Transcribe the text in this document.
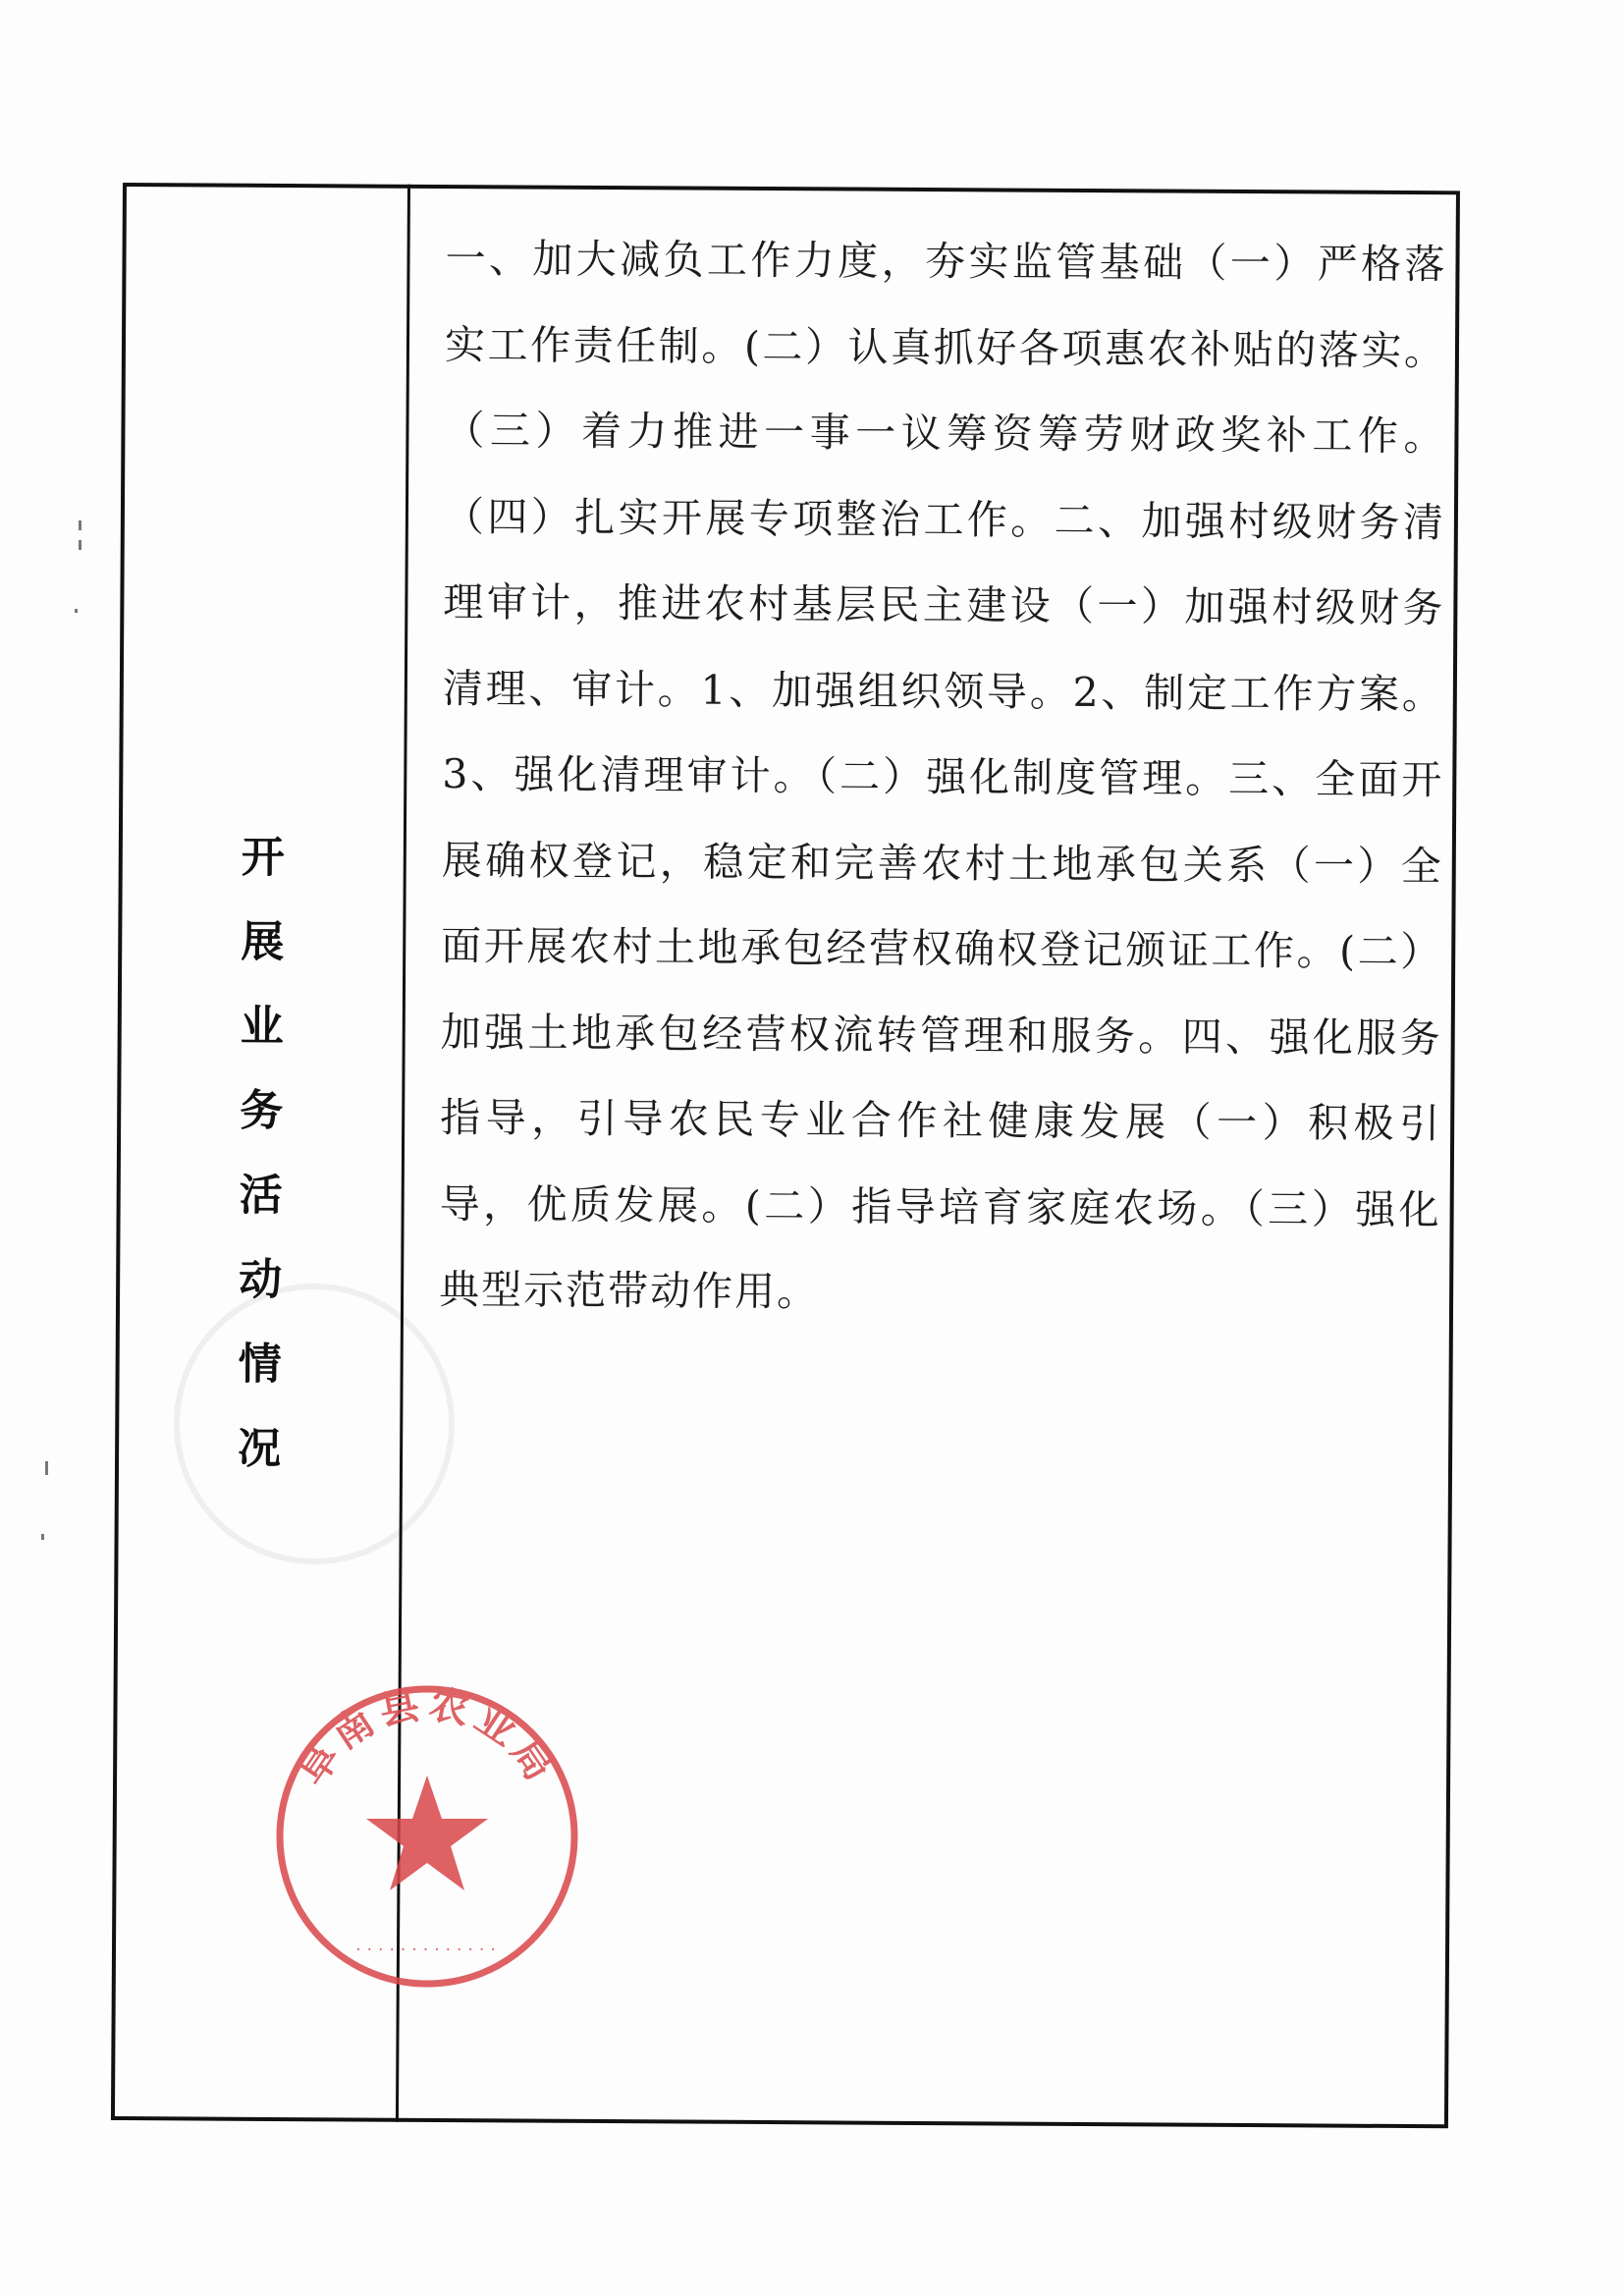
开
展
业
务
活
动
情
况
一、加大减负工作力度，夯实监管基础（一）严格落实工作责任制。(二）认真抓好各项惠农补贴的落实。（三）着力推进一事一议筹资筹劳财政奖补工作。（四）扎实开展专项整治工作。二、加强村级财务清理审计，推进农村基层民主建设（一）加强村级财务清理、审计。1、加强组织领导。2、制定工作方案。3、强化清理审计。（二）强化制度管理。三、全面开展确权登记，稳定和完善农村土地承包关系（一）全面开展农村土地承包经营权确权登记颁证工作。(二）加强土地承包经营权流转管理和服务。四、强化服务指导，引导农民专业合作社健康发展（一）积极引导，优质发展。(二）指导培育家庭农场。（三）强化典型示范带动作用。
阜南县农业局
·············
